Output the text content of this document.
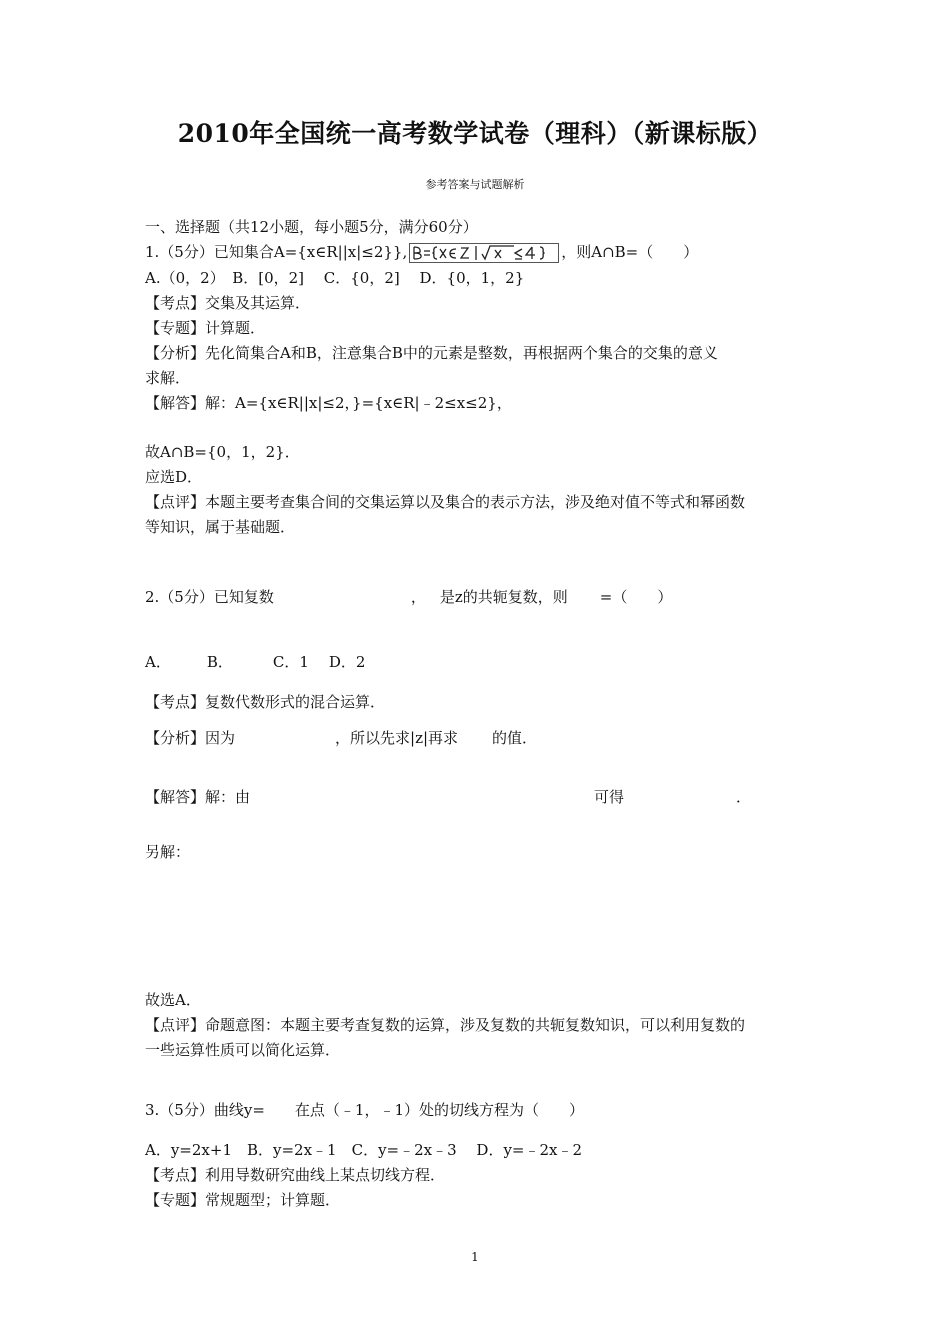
2010年全国统一高考数学试卷（理科）（新课标版）
参考答案与试题解析
一、选择题（共12小题，每小题5分，满分60分）
1.（5分）已知集合A={x∈R||x|≤2}},	，则A∩B=（　　）
A.（0，2）　B．[0，2]　 C．{0，2]　 D．{0，1，2}
【考点】交集及其运算．
【专题】计算题．
【分析】先化简集合A和B，注意集合B中的元素是整数，再根据两个集合的交集的意义
求解．
【解答】解：A={x∈R||x|≤2，}={x∈R|﹣2≤x≤2}，
故A∩B={0，1，2}．
应选D．
【点评】本题主要考查集合间的交集运算以及集合的表示方法，涉及绝对值不等式和幂函数
等知识，属于基础题．
2.（5分）已知复数	， 是z的共轭复数，则 =（　　）
A． B．	C．1 D．2
【考点】复数代数形式的混合运算．
【分析】因为	，所以先求|z|再求 的值．
【解答】解：由	可得	．
另解：
故选A．
【点评】命题意图：本题主要考查复数的运算，涉及复数的共轭复数知识，可以利用复数的
一些运算性质可以简化运算．
3.（5分）曲线y= 在点（﹣1，﹣1）处的切线方程为（　　）
A．y=2x+1　B．y=2x﹣1　C．y=﹣2x﹣3　 D．y=﹣2x﹣2
【考点】利用导数研究曲线上某点切线方程．
【专题】常规题型；计算题．
1
